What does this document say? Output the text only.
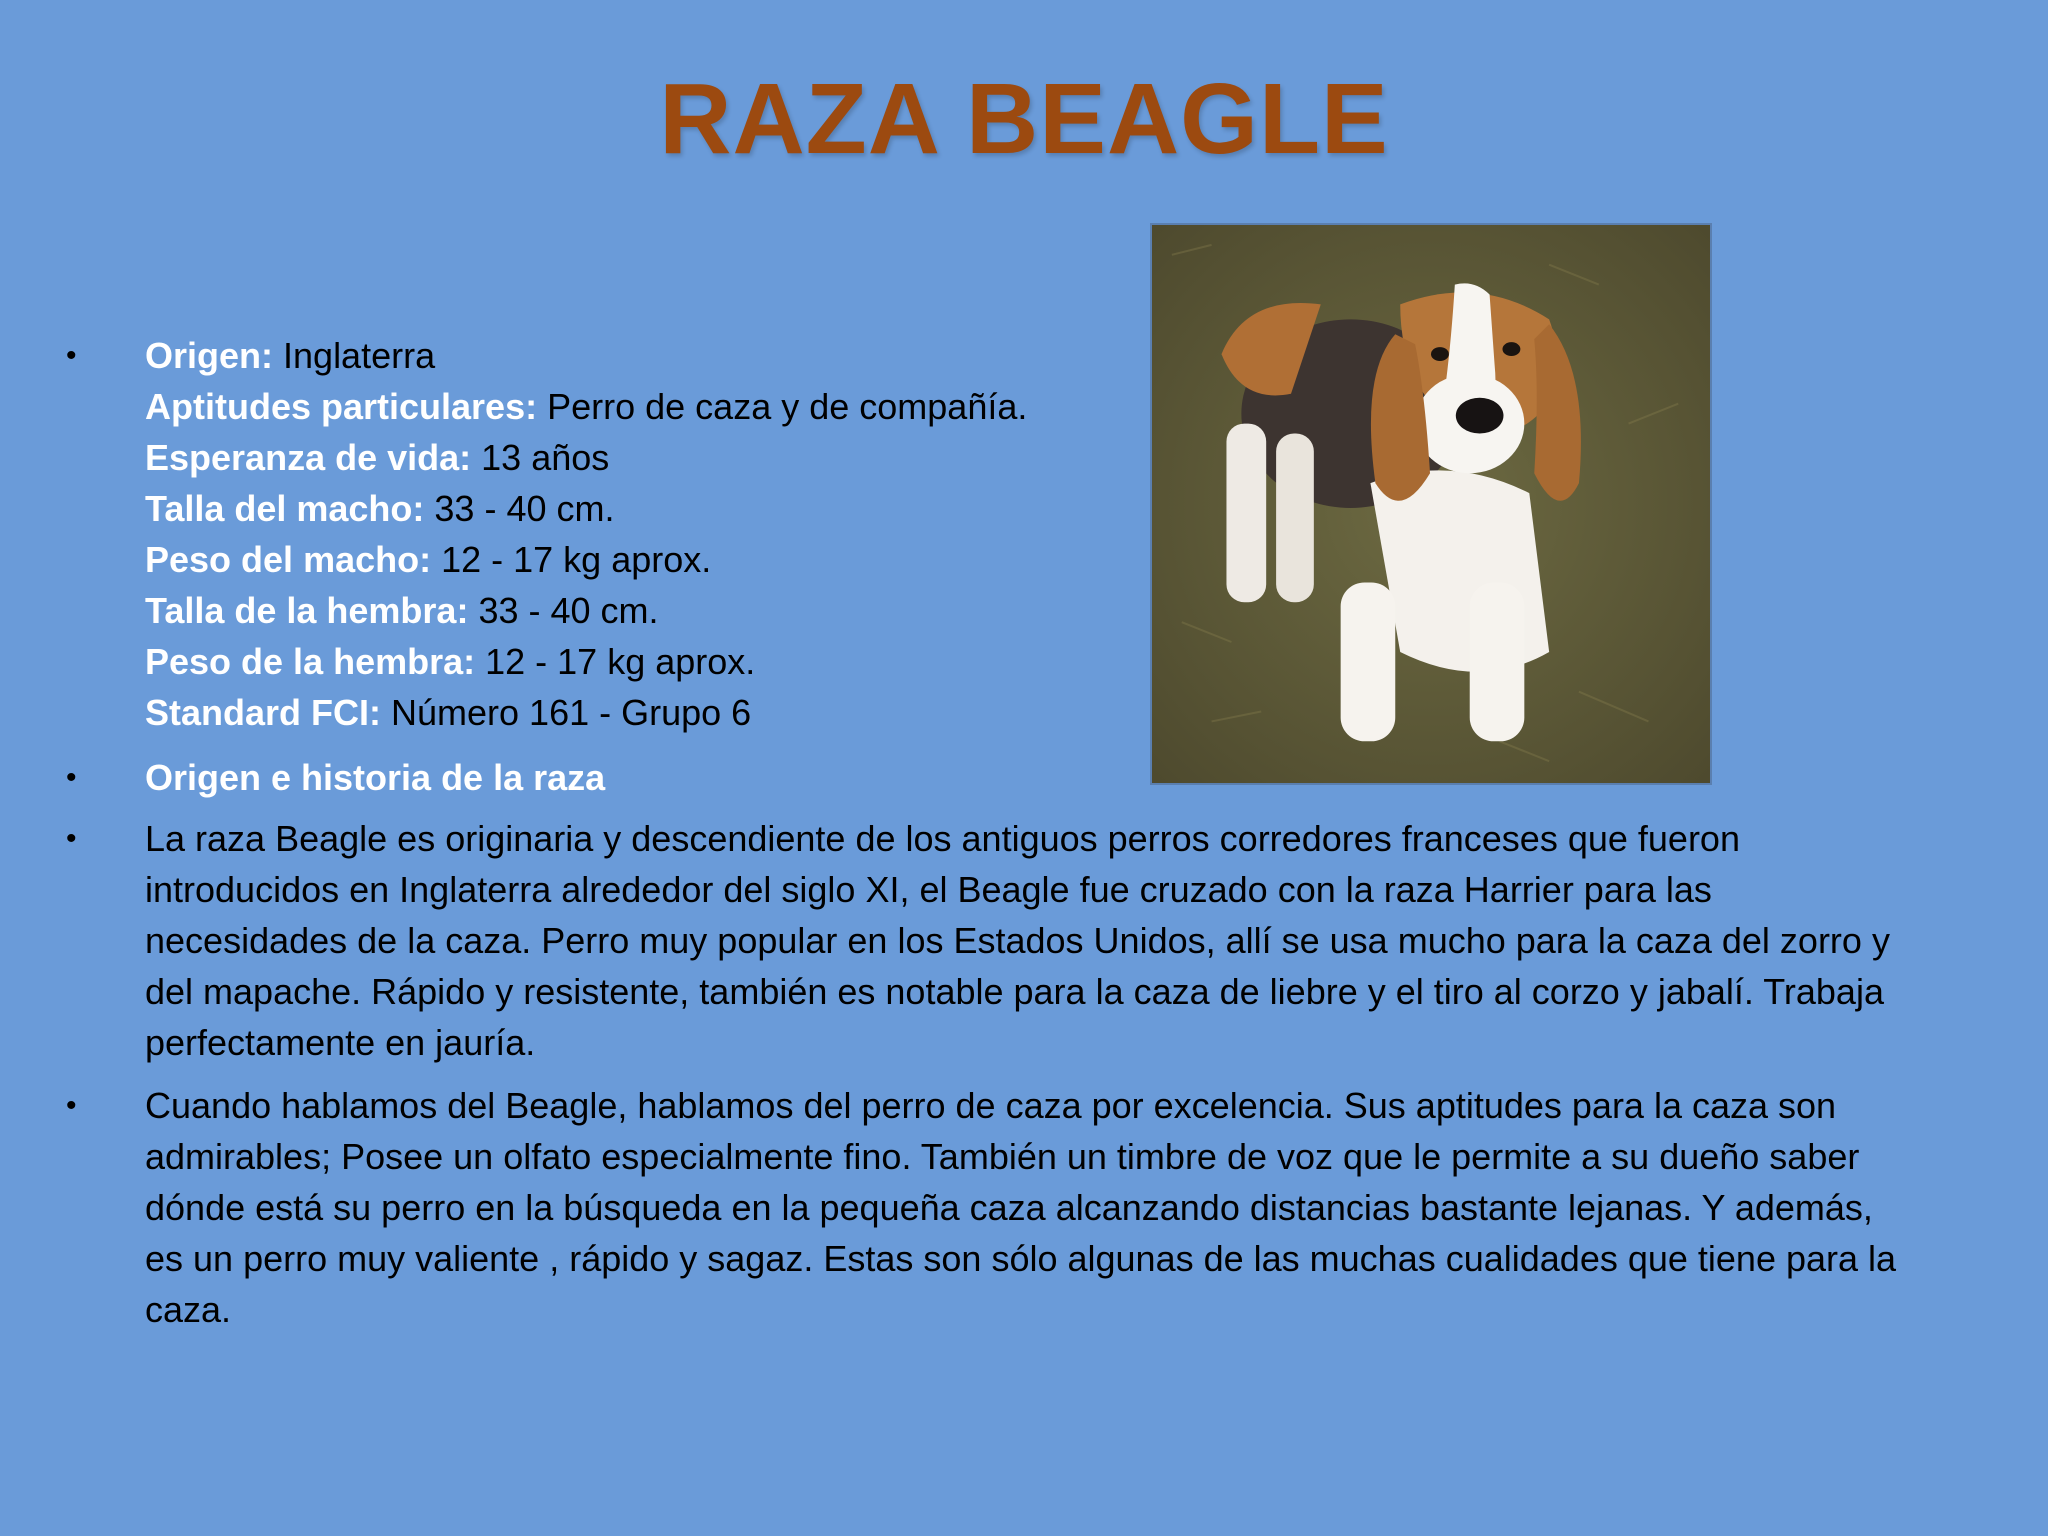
RAZA BEAGLE
• Origen: Inglaterra
Aptitudes particulares: Perro de caza y de compañía.
Esperanza de vida: 13 años
Talla del macho: 33 - 40 cm.
Peso del macho: 12 - 17 kg aprox.
Talla de la hembra: 33 - 40 cm.
Peso de la hembra: 12 - 17 kg aprox.
Standard FCI: Número 161 - Grupo 6
• Origen e historia de la raza
• La raza Beagle es originaria y descendiente de los antiguos perros corredores franceses que fueron introducidos en Inglaterra alrededor del siglo XI, el Beagle fue cruzado con la raza Harrier para las necesidades de la caza. Perro muy popular en los Estados Unidos, allí se usa mucho para la caza del zorro y del mapache. Rápido y resistente, también es notable para la caza de liebre y el tiro al corzo y jabalí. Trabaja perfectamente en jauría.
• Cuando hablamos del Beagle, hablamos del perro de caza por excelencia. Sus aptitudes para la caza son admirables; Posee un olfato especialmente fino. También un timbre de voz que le permite a su dueño saber dónde está su perro en la búsqueda en la pequeña caza alcanzando distancias bastante lejanas. Y además, es un perro muy valiente , rápido y sagaz. Estas son sólo algunas de las muchas cualidades que tiene para la caza.
